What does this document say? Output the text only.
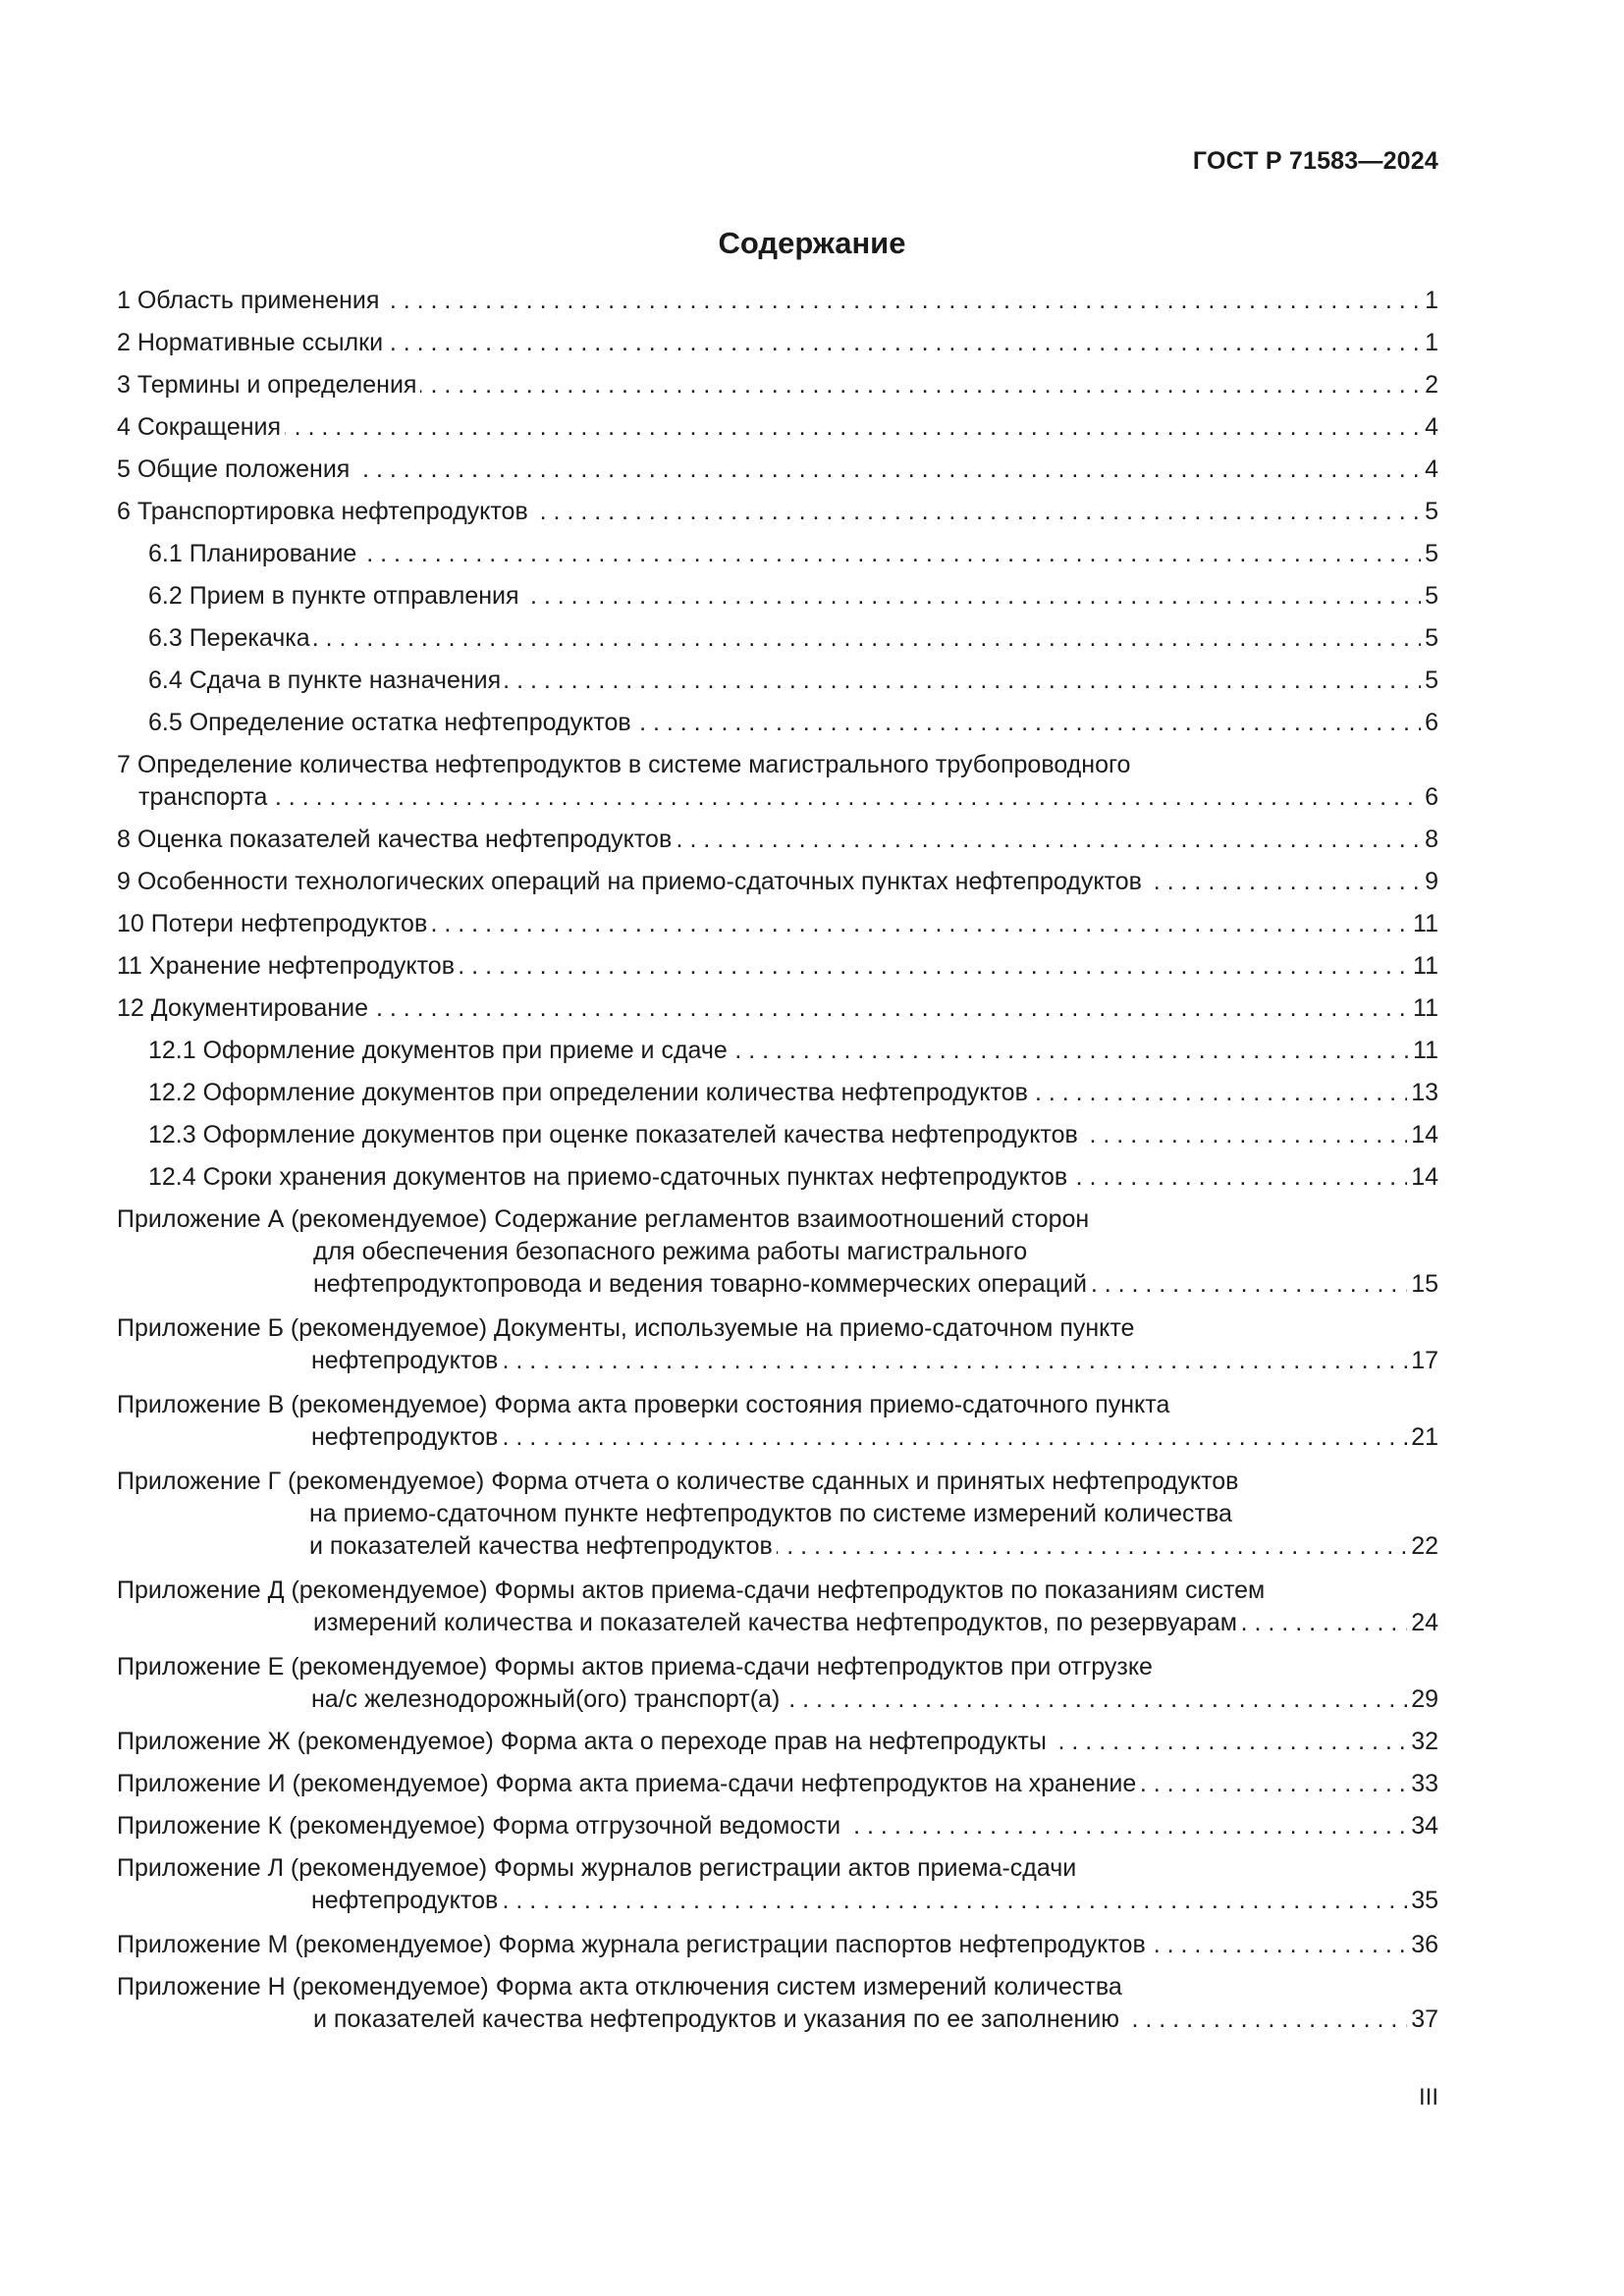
ГОСТ Р 71583—2024
Содержание
1 Область применения	1
. . .
2 Нормативные ссылки	1
. . .
3 Термины и определения	2
. . .
4 Сокращения	4
. . .
5 Общие положения	4
. . .
6 Транспортировка нефтепродуктов	5
. . .
6.1 Планирование	5
. . .
6.2 Прием в пункте отправления	5
. . .
6.3 Перекачка	5
. . .
6.4 Сдача в пункте назначения	5
. . .
6.5 Определение остатка нефтепродуктов	6
. . .
7 Определение количества нефтепродуктов в системе магистрального трубопроводного
транспорта	6
. . .
8 Оценка показателей качества нефтепродуктов	8
. . .
9 Особенности технологических операций на приемо-сдаточных пунктах нефтепродуктов	9
. . .
10 Потери нефтепродуктов	11
. . .
11 Хранение нефтепродуктов	11
. . .
12 Документирование	11
. . .
12.1 Оформление документов при приеме и сдаче	11
. . .
12.2 Оформление документов при определении количества нефтепродуктов	13
. . .
12.3 Оформление документов при оценке показателей качества нефтепродуктов	14
. . .
12.4 Сроки хранения документов на приемо-сдаточных пунктах нефтепродуктов	14
. . .
Приложение А (рекомендуемое) Содержание регламентов взаимоотношений сторон
для обеспечения безопасного режима работы магистрального
нефтепродуктопровода и ведения товарно-коммерческих операций	15
. . .
Приложение Б (рекомендуемое) Документы, используемые на приемо-сдаточном пункте
нефтепродуктов	17
. . .
Приложение В (рекомендуемое) Форма акта проверки состояния приемо-сдаточного пункта
нефтепродуктов	21
. . .
Приложение Г (рекомендуемое) Форма отчета о количестве сданных и принятых нефтепродуктов
на приемо-сдаточном пункте нефтепродуктов по системе измерений количества
и показателей качества нефтепродуктов	22
. . .
Приложение Д (рекомендуемое) Формы актов приема-сдачи нефтепродуктов по показаниям систем
измерений количества и показателей качества нефтепродуктов, по резервуарам	24
. . .
Приложение Е (рекомендуемое) Формы актов приема-сдачи нефтепродуктов при отгрузке
на/с железнодорожный(ого) транспорт(а)	29
. . .
Приложение Ж (рекомендуемое) Форма акта о переходе прав на нефтепродукты	32
. . .
Приложение И (рекомендуемое) Форма акта приема-сдачи нефтепродуктов на хранение	33
. . .
Приложение К (рекомендуемое) Форма отгрузочной ведомости	34
. . .
Приложение Л (рекомендуемое) Формы журналов регистрации актов приема-сдачи
нефтепродуктов	35
. . .
Приложение М (рекомендуемое) Форма журнала регистрации паспортов нефтепродуктов	36
. . .
Приложение Н (рекомендуемое) Форма акта отключения систем измерений количества
и показателей качества нефтепродуктов и указания по ее заполнению	37
. . .
III
